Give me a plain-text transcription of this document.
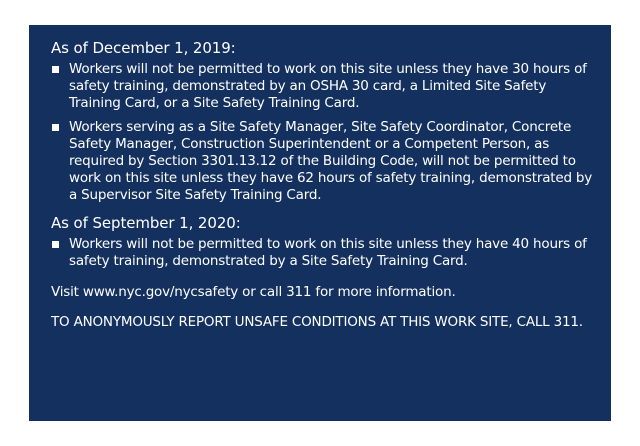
As of December 1, 2019:
Workers will not be permitted to work on this site unless they have 30 hours of safety training, demonstrated by an OSHA 30 card, a Limited Site Safety Training Card, or a Site Safety Training Card.
Workers serving as a Site Safety Manager, Site Safety Coordinator, Concrete Safety Manager, Construction Superintendent or a Competent Person, as required by Section 3301.13.12 of the Building Code, will not be permitted to work on this site unless they have 62 hours of safety training, demonstrated by a Supervisor Site Safety Training Card.
As of September 1, 2020:
Workers will not be permitted to work on this site unless they have 40 hours of safety training, demonstrated by a Site Safety Training Card.
Visit www.nyc.gov/nycsafety or call 311 for more information.
TO ANONYMOUSLY REPORT UNSAFE CONDITIONS AT THIS WORK SITE, CALL 311.
